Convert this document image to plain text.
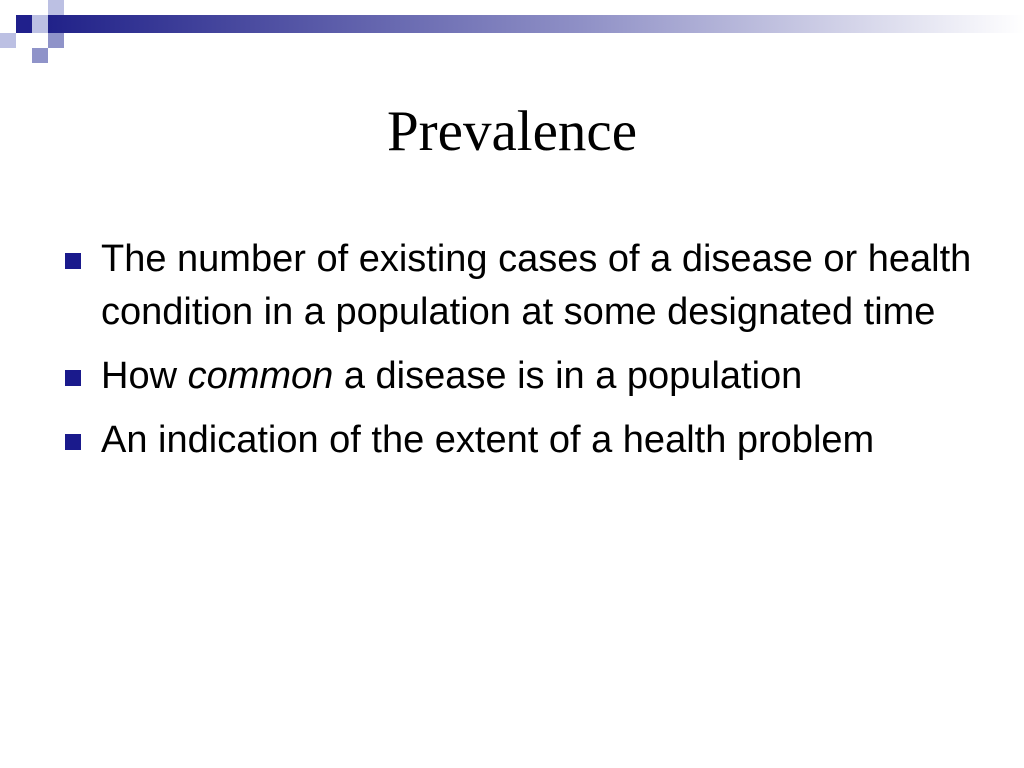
Prevalence
The number of existing cases of a disease or health condition in a population at some designated time
How common a disease is in a population
An indication of the extent of a health problem
